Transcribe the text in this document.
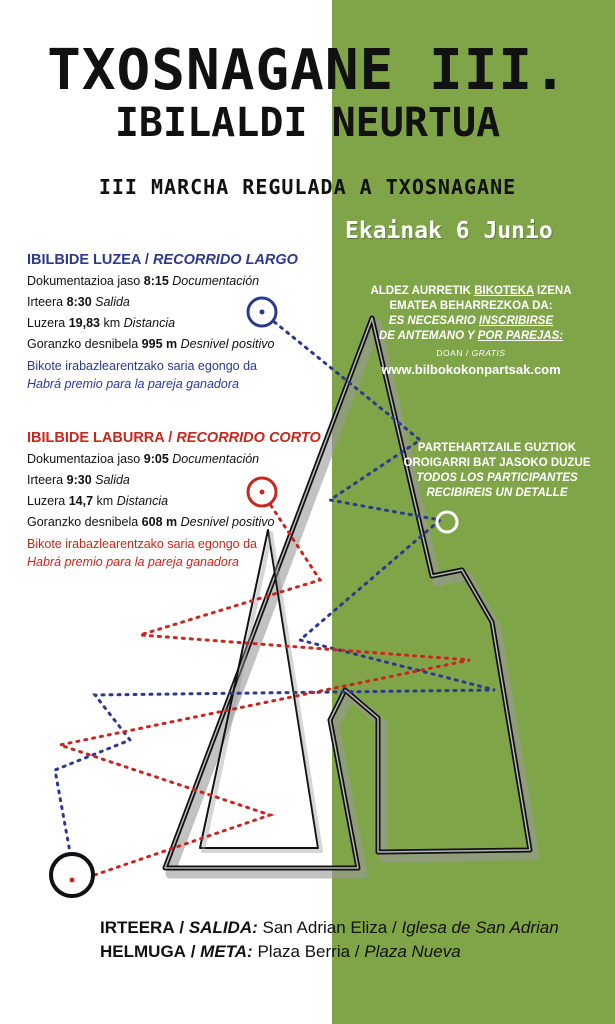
TXOSNAGANE III.
IBILALDI NEURTUA
III MARCHA REGULADA A TXOSNAGANE
Ekainak 6 Junio
IBILBIDE LUZEA / RECORRIDO LARGO
Dokumentazioa jaso 8:15 Documentación
Irteera 8:30 Salida
Luzera 19,83 km Distancia
Goranzko desnibela 995 m Desnivel positivo
Bikote irabazlearentzako saria egongo da
Habrá premio para la pareja ganadora
IBILBIDE LABURRA / RECORRIDO CORTO
Dokumentazioa jaso 9:05 Documentación
Irteera 9:30 Salida
Luzera 14,7 km Distancia
Goranzko desnibela 608 m Desnivel positivo
Bikote irabazlearentzako saria egongo da
Habrá premio para la pareja ganadora
ALDEZ AURRETIK BIKOTEKA IZENA
EMATEA BEHARREZKOA DA:
ES NECESARIO INSCRIBIRSE
DE ANTEMANO Y POR PAREJAS:
DOAN / GRATIS
www.bilbokokonpartsak.com
PARTEHARTZAILE GUZTIOK
OROIGARRI BAT JASOKO DUZUE
TODOS LOS PARTICIPANTES
RECIBIREIS UN DETALLE
IRTEERA / SALIDA: San Adrian Eliza / Iglesa de San Adrian
HELMUGA / META: Plaza Berria / Plaza Nueva
